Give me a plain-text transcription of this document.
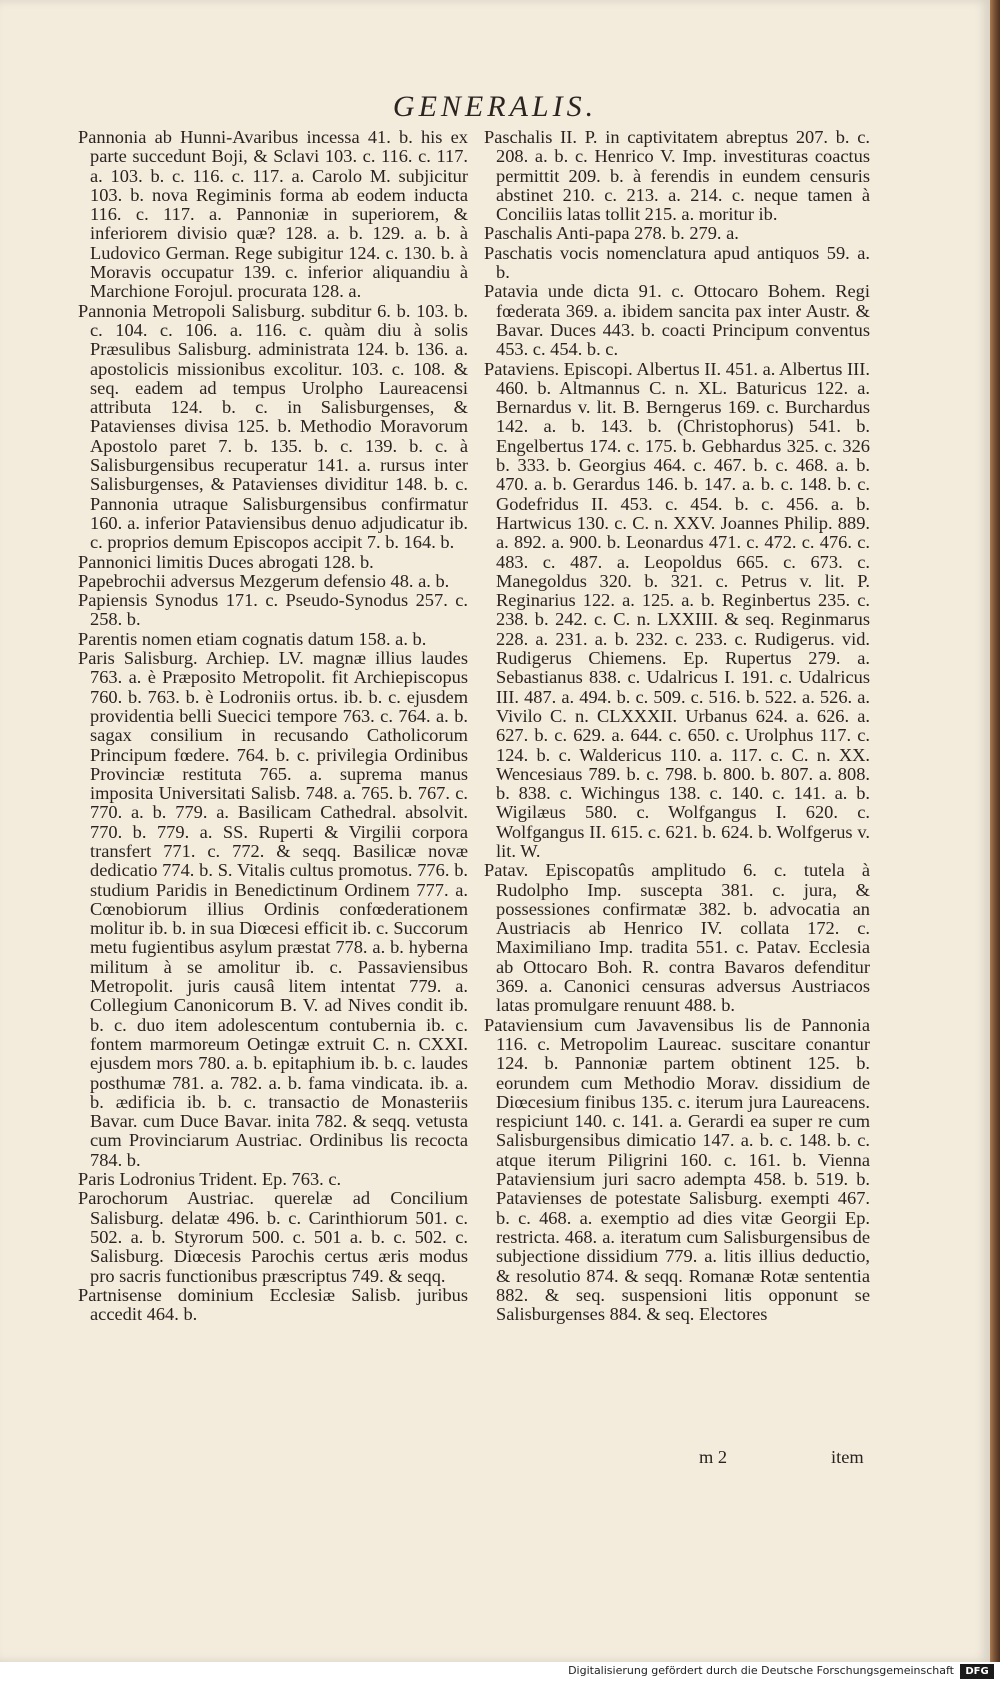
GENERALIS.

Pannonia ab Hunni-Avaribus incessa 41. b. his ex parte succedunt Boji, & Sclavi 103. c. 116. c. 117. a. 103. b. c. 116. c. 117. a. Carolo M. subjicitur 103. b. nova Regiminis forma ab eodem inducta 116. c. 117. a. Pannoniæ in superiorem, & inferiorem divisio quæ? 128. a. b. 129. a. b. à Ludovico German. Rege subigitur 124. c. 130. b. à Moravis occupatur 139. c. inferior aliquandiu à Marchione Forojul. procurata 128. a.

Pannonia Metropoli Salisburg. subditur 6. b. 103. b. c. 104. c. 106. a. 116. c. quàm diu à solis Præsulibus Salisburg. administrata 124. b. 136. a. apostolicis missionibus excolitur. 103. c. 108. & seq. eadem ad tempus Urolpho Laureacensi attributa 124. b. c. in Salisburgenses, & Patavienses divisa 125. b. Methodio Moravorum Apostolo paret 7. b. 135. b. c. 139. b. c. à Salisburgensibus recuperatur 141. a. rursus inter Salisburgenses, & Patavienses dividitur 148. b. c. Pannonia utraque Salisburgensibus confirmatur 160. a. inferior Pataviensibus denuo adjudicatur ib. c. proprios demum Episcopos accipit 7. b. 164. b.

Pannonici limitis Duces abrogati 128. b.

Papebrochii adversus Mezgerum defensio 48. a. b.

Papiensis Synodus 171. c. Pseudo-Synodus 257. c. 258. b.

Parentis nomen etiam cognatis datum 158. a. b.

Paris Salisburg. Archiep. LV. magnæ illius laudes 763. a. è Præposito Metropolit. fit Archiepiscopus 760. b. 763. b. è Lodroniis ortus. ib. b. c. ejusdem providentia belli Suecici tempore 763. c. 764. a. b. sagax consilium in recusando Catholicorum Principum fœdere. 764. b. c. privilegia Ordinibus Provinciæ restituta 765. a. suprema manus imposita Universitati Salisb. 748. a. 765. b. 767. c. 770. a. b. 779. a. Basilicam Cathedral. absolvit. 770. b. 779. a. SS. Ruperti & Virgilii corpora transfert 771. c. 772. & seqq. Basilicæ novæ dedicatio 774. b. S. Vitalis cultus promotus. 776. b. studium Paridis in Benedictinum Ordinem 777. a. Cœnobiorum illius Ordinis confœderationem molitur ib. b. in sua Diœcesi efficit ib. c. Succorum metu fugientibus asylum præstat 778. a. b. hyberna militum à se amolitur ib. c. Passaviensibus Metropolit. juris causâ litem intentat 779. a. Collegium Canonicorum B. V. ad Nives condit ib. b. c. duo item adolescentum contubernia ib. c. fontem marmoreum Oetingæ extruit C. n. CXXI. ejusdem mors 780. a. b. epitaphium ib. b. c. laudes posthumæ 781. a. 782. a. b. fama vindicata. ib. a. b. ædificia ib. b. c. transactio de Monasteriis Bavar. cum Duce Bavar. inita 782. & seqq. vetusta cum Provinciarum Austriac. Ordinibus lis recocta 784. b.

Paris Lodronius Trident. Ep. 763. c.

Parochorum Austriac. querelæ ad Concilium Salisburg. delatæ 496. b. c. Carinthiorum 501. c. 502. a. b. Styrorum 500. c. 501 a. b. c. 502. c. Salisburg. Diœcesis Parochis certus æris modus pro sacris functionibus præscriptus 749. & seqq.

Partnisense dominium Ecclesiæ Salisb. juribus accedit 464. b.

Paschalis II. P. in captivitatem abreptus 207. b. c. 208. a. b. c. Henrico V. Imp. investituras coactus permittit 209. b. à ferendis in eundem censuris abstinet 210. c. 213. a. 214. c. neque tamen à Conciliis latas tollit 215. a. moritur ib.

Paschalis Anti-papa 278. b. 279. a.

Paschatis vocis nomenclatura apud antiquos 59. a. b.

Patavia unde dicta 91. c. Ottocaro Bohem. Regi fœderata 369. a. ibidem sancita pax inter Austr. & Bavar. Duces 443. b. coacti Principum conventus 453. c. 454. b. c.

Pataviens. Episcopi. Albertus II. 451. a. Albertus III. 460. b. Altmannus C. n. XL. Baturicus 122. a. Bernardus v. lit. B. Berngerus 169. c. Burchardus 142. a. b. 143. b. (Christophorus) 541. b. Engelbertus 174. c. 175. b. Gebhardus 325. c. 326 b. 333. b. Georgius 464. c. 467. b. c. 468. a. b. 470. a. b. Gerardus 146. b. 147. a. b. c. 148. b. c. Godefridus II. 453. c. 454. b. c. 456. a. b. Hartwicus 130. c. C. n. XXV. Joannes Philip. 889. a. 892. a. 900. b. Leonardus 471. c. 472. c. 476. c. 483. c. 487. a. Leopoldus 665. c. 673. c. Manegoldus 320. b. 321. c. Petrus v. lit. P. Reginarius 122. a. 125. a. b. Reginbertus 235. c. 238. b. 242. c. C. n. LXXIII. & seq. Reginmarus 228. a. 231. a. b. 232. c. 233. c. Rudigerus. vid. Rudigerus Chiemens. Ep. Rupertus 279. a. Sebastianus 838. c. Udalricus I. 191. c. Udalricus III. 487. a. 494. b. c. 509. c. 516. b. 522. a. 526. a. Vivilo C. n. CLXXXII. Urbanus 624. a. 626. a. 627. b. c. 629. a. 644. c. 650. c. Urolphus 117. c. 124. b. c. Waldericus 110. a. 117. c. C. n. XX. Wencesiaus 789. b. c. 798. b. 800. b. 807. a. 808. b. 838. c. Wichingus 138. c. 140. c. 141. a. b. Wigilæus 580. c. Wolfgangus I. 620. c. Wolfgangus II. 615. c. 621. b. 624. b. Wolfgerus v. lit. W.

Patav. Episcopatûs amplitudo 6. c. tutela à Rudolpho Imp. suscepta 381. c. jura, & possessiones confirmatæ 382. b. advocatia an Austriacis ab Henrico IV. collata 172. c. Maximiliano Imp. tradita 551. c. Patav. Ecclesia ab Ottocaro Boh. R. contra Bavaros defenditur 369. a. Canonici censuras adversus Austriacos latas promulgare renuunt 488. b.

Pataviensium cum Javavensibus lis de Pannonia 116. c. Metropolim Laureac. suscitare conantur 124. b. Pannoniæ partem obtinent 125. b. eorundem cum Methodio Morav. dissidium de Diœcesium finibus 135. c. iterum jura Laureacens. respiciunt 140. c. 141. a. Gerardi ea super re cum Salisburgensibus dimicatio 147. a. b. c. 148. b. c. atque iterum Piligrini 160. c. 161. b. Vienna Pataviensium juri sacro adempta 458. b. 519. b. Patavienses de potestate Salisburg. exempti 467. b. c. 468. a. exemptio ad dies vitæ Georgii Ep. restricta. 468. a. iteratum cum Salisburgensibus de subjectione dissidium 779. a. litis illius deductio, & resolutio 874. & seqq. Romanæ Rotæ sententia 882. & seq. suspensioni litis opponunt se Salisburgenses 884. & seq. Electores

m 2	item
Digitalisierung gefördert durch die Deutsche Forschungsgemeinschaft	DFG
